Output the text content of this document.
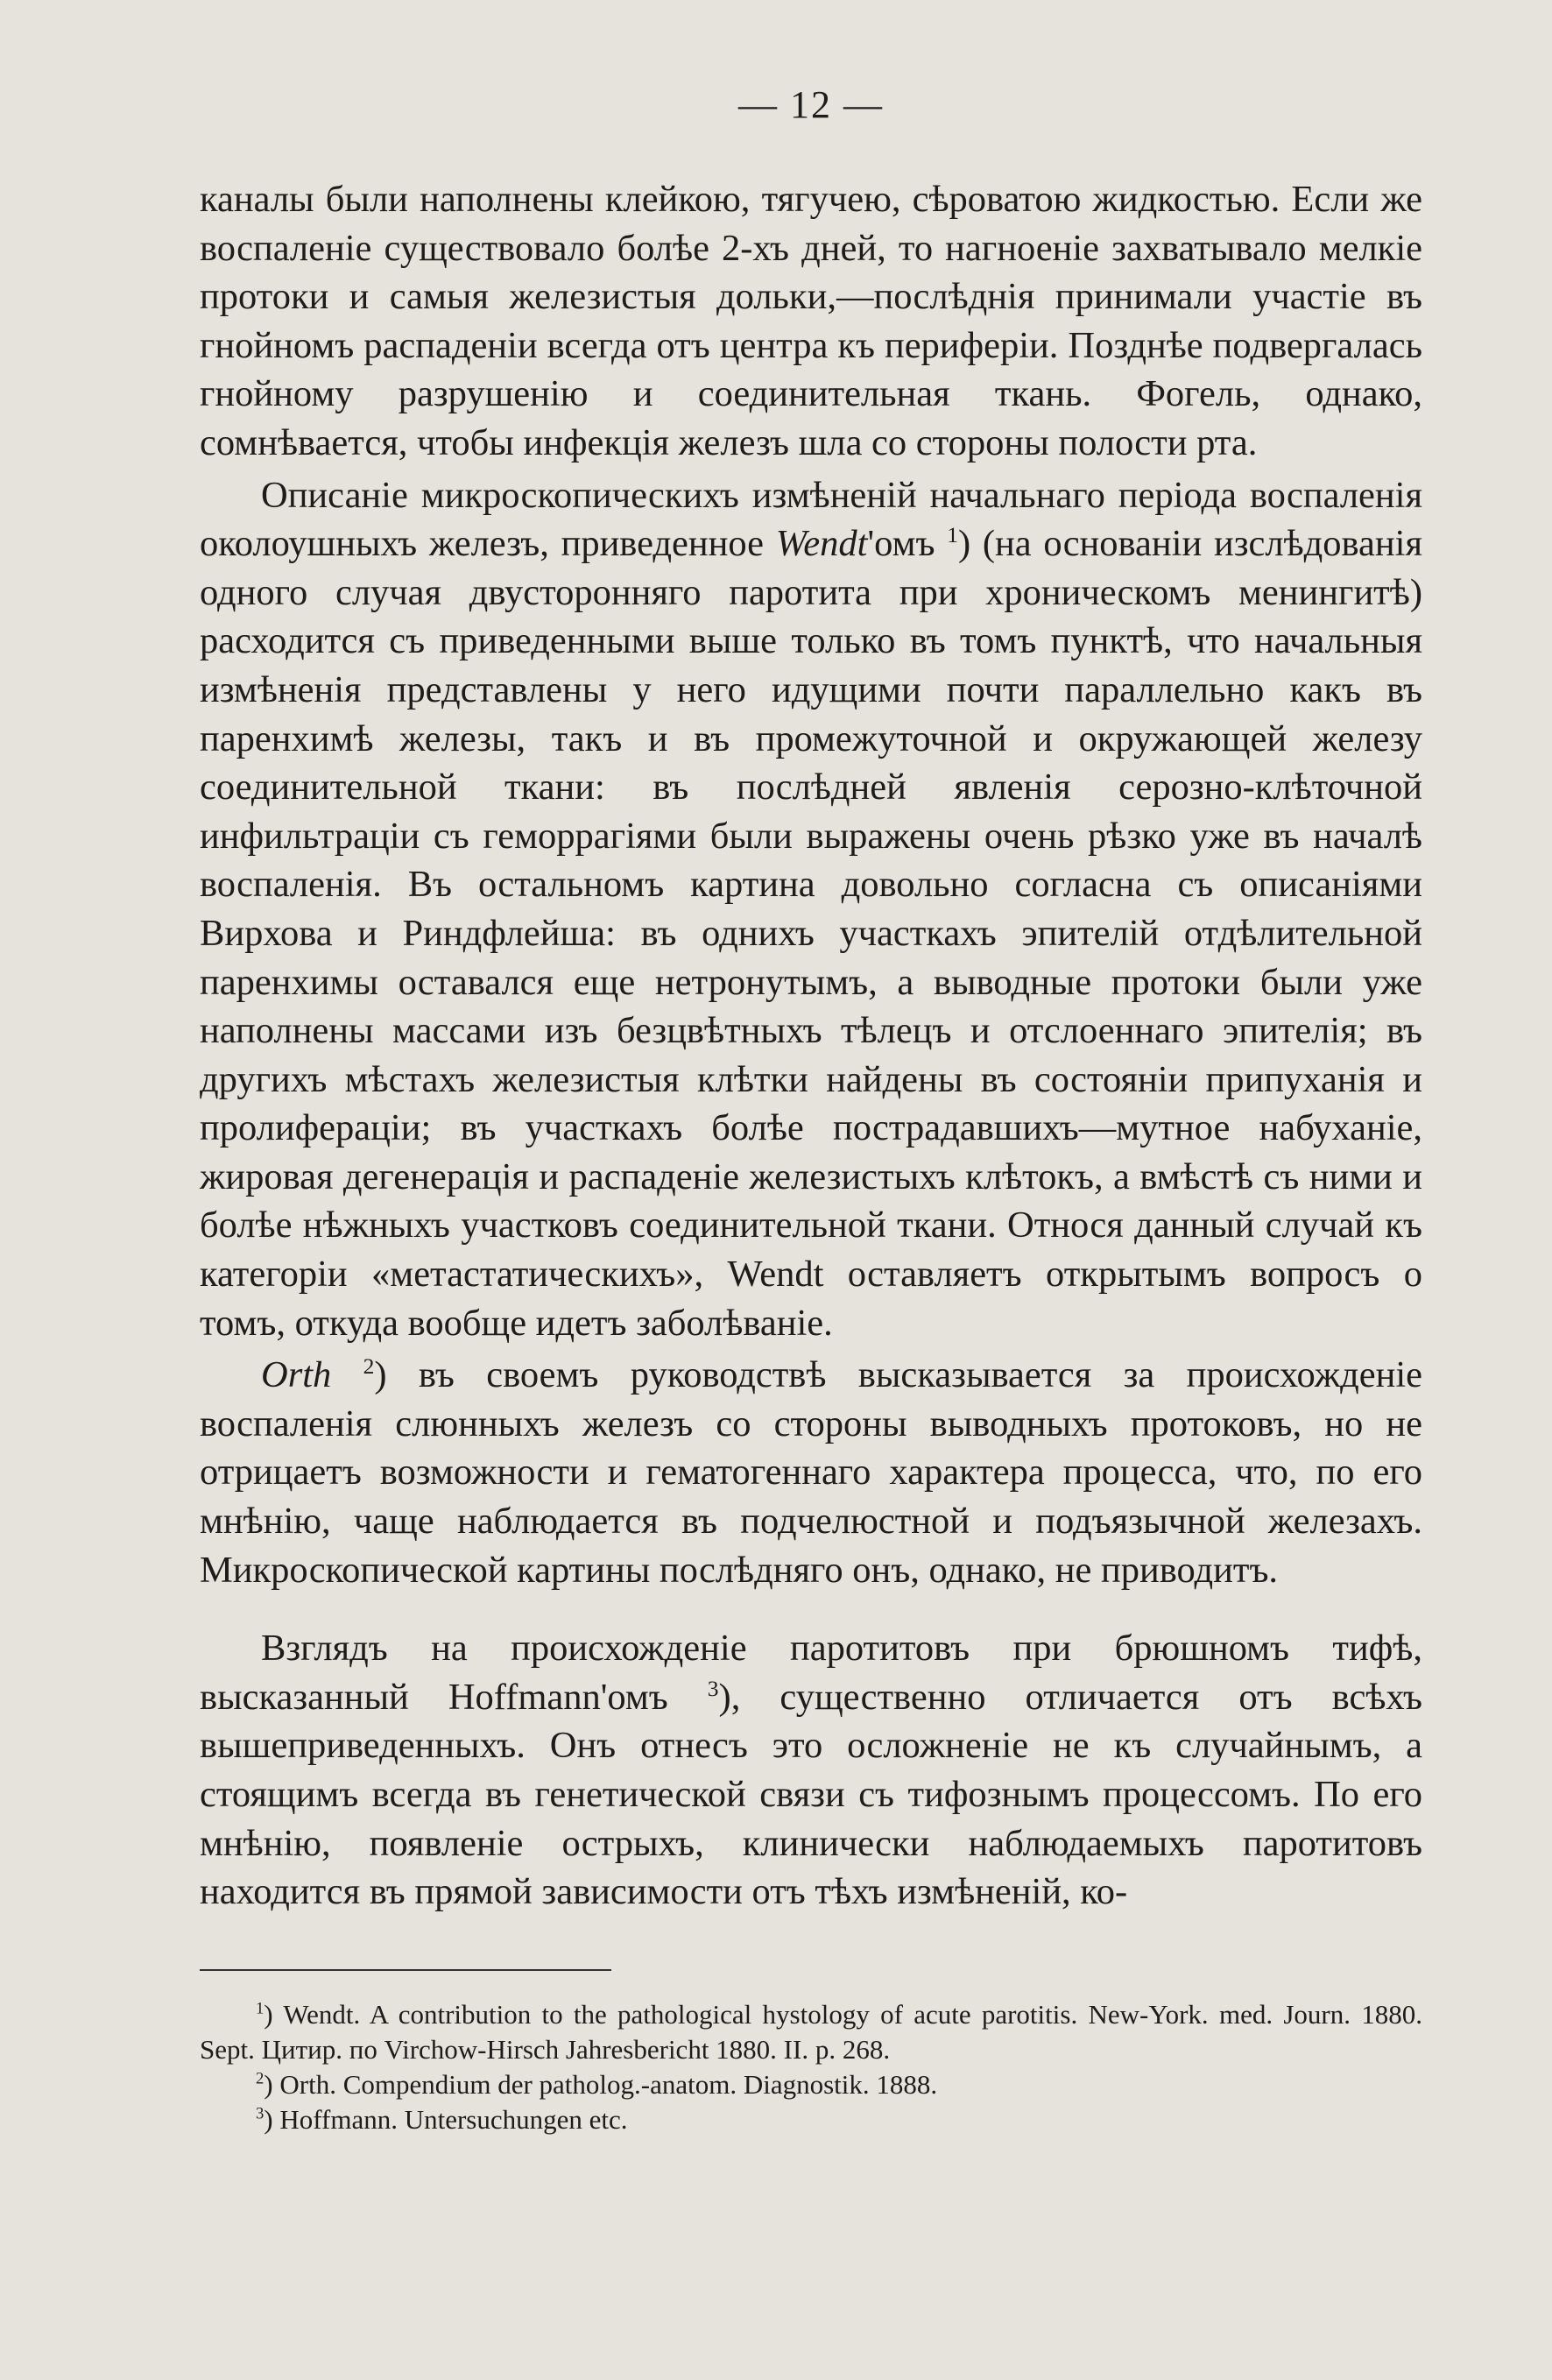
— 12 —

каналы были наполнены клейкою, тягучею, сѣроватою жидкостью. Если же воспаленіе существовало болѣе 2-хъ дней, то нагноеніе захватывало мелкіе протоки и самыя железистыя дольки,—послѣднія принимали участіе въ гнойномъ распаденіи всегда отъ центра къ периферіи. Позднѣе подвергалась гнойному разрушенію и соединительная ткань. Фогель, однако, сомнѣвается, чтобы инфекція железъ шла со стороны полости рта.

Описаніе микроскопическихъ измѣненій начальнаго періода воспаленія околоушныхъ железъ, приведенное Wendt'омъ $^1$) (на основаніи изслѣдованія одного случая двусторонняго паротита при хроническомъ менингитѣ) расходится съ приведенными выше только въ томъ пунктѣ, что начальныя измѣненія представлены у него идущими почти параллельно какъ въ паренхимѣ железы, такъ и въ промежуточной и окружающей железу соединительной ткани: въ послѣдней явленія серозно-клѣточной инфильтраціи съ геморрагіями были выражены очень рѣзко уже въ началѣ воспаленія. Въ остальномъ картина довольно согласна съ описаніями Вирхова и Риндфлейша: въ однихъ участкахъ эпителій отдѣлительной паренхимы оставался еще нетронутымъ, а выводные протоки были уже наполнены массами изъ безцвѣтныхъ тѣлецъ и отслоеннаго эпителія; въ другихъ мѣстахъ железистыя клѣтки найдены въ состояніи припуханія и пролифераціи; въ участкахъ болѣе пострадавшихъ—мутное набуханіе, жировая дегенерація и распаденіе железистыхъ клѣтокъ, а вмѣстѣ съ ними и болѣе нѣжныхъ участковъ соединительной ткани. Относя данный случай къ категоріи «метастатическихъ», Wendt оставляетъ открытымъ вопросъ о томъ, откуда вообще идетъ заболѣваніе.

Orth $^2$) въ своемъ руководствѣ высказывается за происхожденіе воспаленія слюнныхъ железъ со стороны выводныхъ протоковъ, но не отрицаетъ возможности и гематогеннаго характера процесса, что, по его мнѣнію, чаще наблюдается въ подчелюстной и подъязычной железахъ. Микроскопической картины послѣдняго онъ, однако, не приводитъ.

Взглядъ на происхожденіе паротитовъ при брюшномъ тифѣ, высказанный Hoffmann'омъ $^3$), существенно отличается отъ всѣхъ вышеприведенныхъ. Онъ отнесъ это осложненіе не къ случайнымъ, а стоящимъ всегда въ генетической связи съ тифознымъ процессомъ. По его мнѣнію, появленіе острыхъ, клинически наблюдаемыхъ паротитовъ находится въ прямой зависимости отъ тѣхъ измѣненій, ко-

$^1$) Wendt. A contribution to the pathological hystology of acute parotitis. New-York. med. Journ. 1880. Sept. Цитир. по Virchow-Hirsch Jahresbericht 1880. II. p. 268.

$^2$) Orth. Compendium der patholog.-anatom. Diagnostik. 1888.

$^3$) Hoffmann. Untersuchungen etc.
